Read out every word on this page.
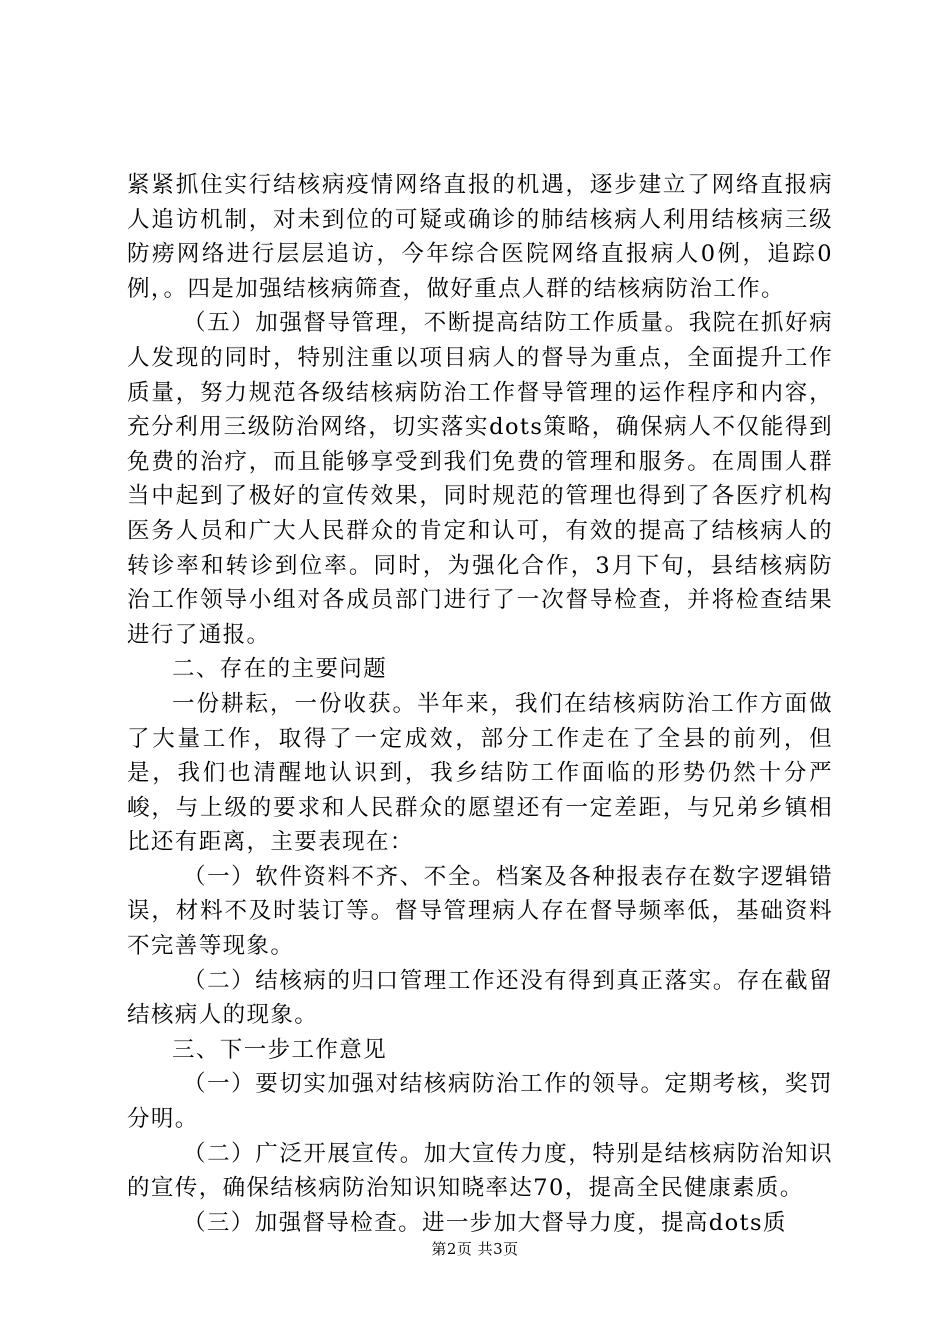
紧紧抓住实行结核病疫情网络直报的机遇，逐步建立了网络直报病人追访机制，对未到位的可疑或确诊的肺结核病人利用结核病三级防痨网络进行层层追访，今年综合医院网络直报病人0例，追踪0例，。四是加强结核病筛查，做好重点人群的结核病防治工作。

（五）加强督导管理，不断提高结防工作质量。我院在抓好病人发现的同时，特别注重以项目病人的督导为重点，全面提升工作质量，努力规范各级结核病防治工作督导管理的运作程序和内容，充分利用三级防治网络，切实落实dots策略，确保病人不仅能得到免费的治疗，而且能够享受到我们免费的管理和服务。在周围人群当中起到了极好的宣传效果，同时规范的管理也得到了各医疗机构医务人员和广大人民群众的肯定和认可，有效的提高了结核病人的转诊率和转诊到位率。同时，为强化合作，3月下旬，县结核病防治工作领导小组对各成员部门进行了一次督导检查，并将检查结果进行了通报。

二、存在的主要问题

一份耕耘，一份收获。半年来，我们在结核病防治工作方面做了大量工作，取得了一定成效，部分工作走在了全县的前列，但是，我们也清醒地认识到，我乡结防工作面临的形势仍然十分严峻，与上级的要求和人民群众的愿望还有一定差距，与兄弟乡镇相比还有距离，主要表现在：

（一）软件资料不齐、不全。档案及各种报表存在数字逻辑错误，材料不及时装订等。督导管理病人存在督导频率低，基础资料不完善等现象。

（二）结核病的归口管理工作还没有得到真正落实。存在截留结核病人的现象。

三、下一步工作意见

（一）要切实加强对结核病防治工作的领导。定期考核，奖罚分明。

（二）广泛开展宣传。加大宣传力度，特别是结核病防治知识的宣传，确保结核病防治知识知晓率达70，提高全民健康素质。

（三）加强督导检查。进一步加大督导力度，提高dots质

第2页 共3页
